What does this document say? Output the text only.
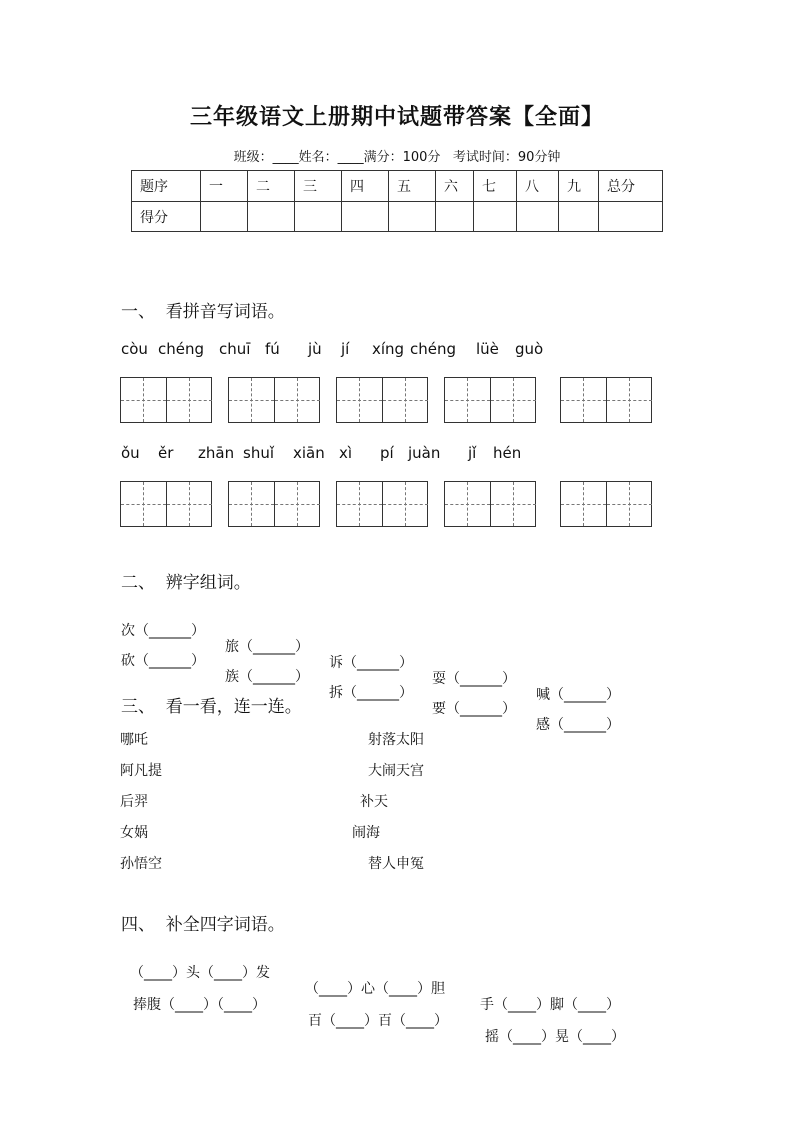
三年级语文上册期中试题带答案【全面】
班级：____姓名：____满分：100分   考试时间：90分钟
题序	一	二	三	四	五	六	七	八	九	总分
得分										
一、  看拼音写词语。
còu chéng chuī fú jù jí xíng chéng lüè guò
ǒu ěr zhān shuǐ xiān xì pí juàn jǐ hén
二、  辨字组词。

次（______）

旅（______）

诉（______）

耍（______）

喊（______）

砍（______）

族（______）

拆（______）

要（______）

感（______）

三、  看一看，连一连。
哪吒
阿凡提
后羿
女娲
孙悟空
射落太阳
大闹天宫
补天
闹海
替人申冤
四、  补全四字词语。

（____）头（____）发

（____）心（____）胆

手（____）脚（____）

捧腹（____）（____）

百（____）百（____）

摇（____）晃（____）
